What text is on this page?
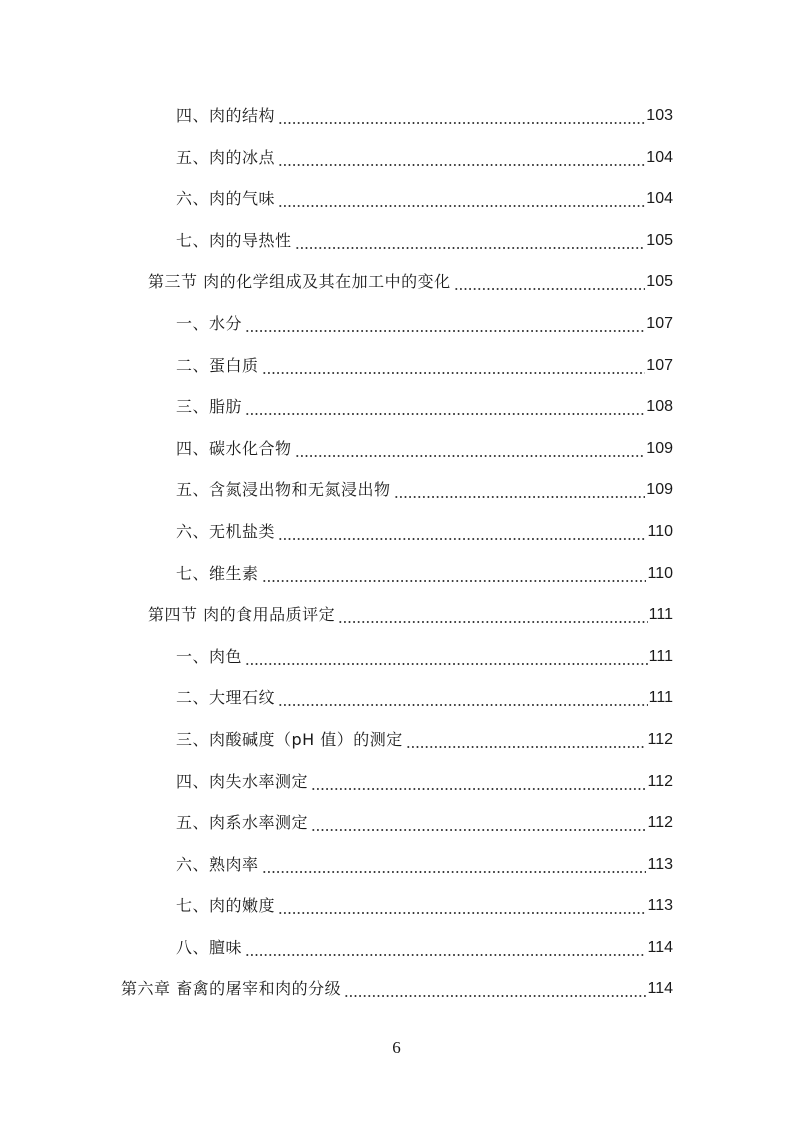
四、肉的结构	103
五、肉的冰点	104
六、肉的气味	104
七、肉的导热性	105
第三节 肉的化学组成及其在加工中的变化	105
一、水分	107
二、蛋白质	107
三、脂肪	108
四、碳水化合物	109
五、含氮浸出物和无氮浸出物	109
六、无机盐类	110
七、维生素	110
第四节 肉的食用品质评定	111
一、肉色	111
二、大理石纹	111
三、肉酸碱度（pH 值）的测定	112
四、肉失水率测定	112
五、肉系水率测定	112
六、熟肉率	113
七、肉的嫩度	113
八、膻味	114
第六章 畜禽的屠宰和肉的分级	114
6
